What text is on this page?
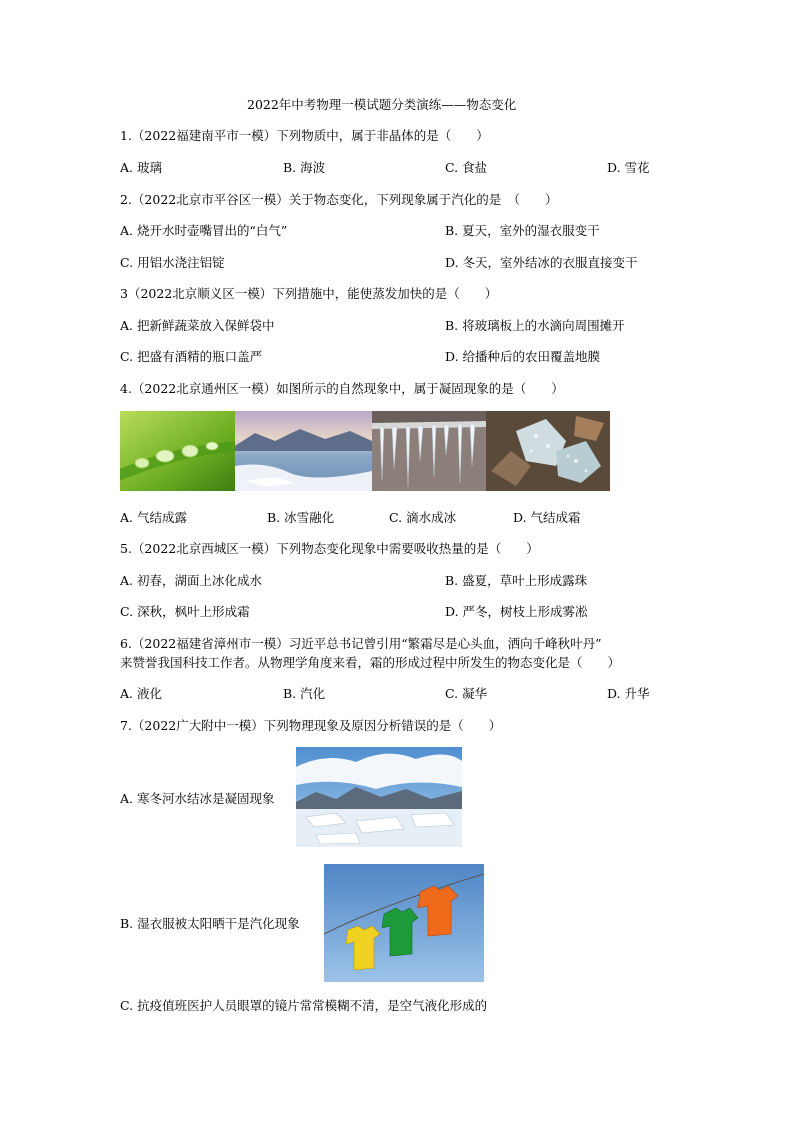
2022年中考物理一模试题分类演练——物态变化
1.（2022福建南平市一模）下列物质中，属于非晶体的是（　　）
A. 玻璃	B. 海波	C. 食盐	D. 雪花
2.（2022北京市平谷区一模）关于物态变化，下列现象属于汽化的是　（　　）
A. 烧开水时壶嘴冒出的“白气”	B. 夏天，室外的湿衣服变干
C. 用铝水浇注铝锭	D. 冬天，室外结冰的衣服直接变干
3（2022北京顺义区一模）下列措施中，能使蒸发加快的是（　　）
A. 把新鲜蔬菜放入保鲜袋中	B. 将玻璃板上的水滴向周围摊开
C. 把盛有酒精的瓶口盖严	D. 给播种后的农田覆盖地膜
4.（2022北京通州区一模）如图所示的自然现象中，属于凝固现象的是（　　）
A. 气结成露	B. 冰雪融化	C. 滴水成冰	D. 气结成霜
5.（2022北京西城区一模）下列物态变化现象中需要吸收热量的是（　　）
A. 初春，湖面上冰化成水	B. 盛夏，草叶上形成露珠
C. 深秋，枫叶上形成霜	D. 严冬，树枝上形成雾凇
6.（2022福建省漳州市一模）习近平总书记曾引用“繁霜尽是心头血，洒向千峰秋叶丹”
来赞誉我国科技工作者。从物理学角度来看，霜的形成过程中所发生的物态变化是（　　）
A. 液化	B. 汽化	C. 凝华	D. 升华
7.（2022广大附中一模）下列物理现象及原因分析错误的是（　　）
A. 寒冬河水结冰是凝固现象
B. 湿衣服被太阳晒干是汽化现象
C. 抗疫值班医护人员眼罩的镜片常常模糊不清，是空气液化形成的
